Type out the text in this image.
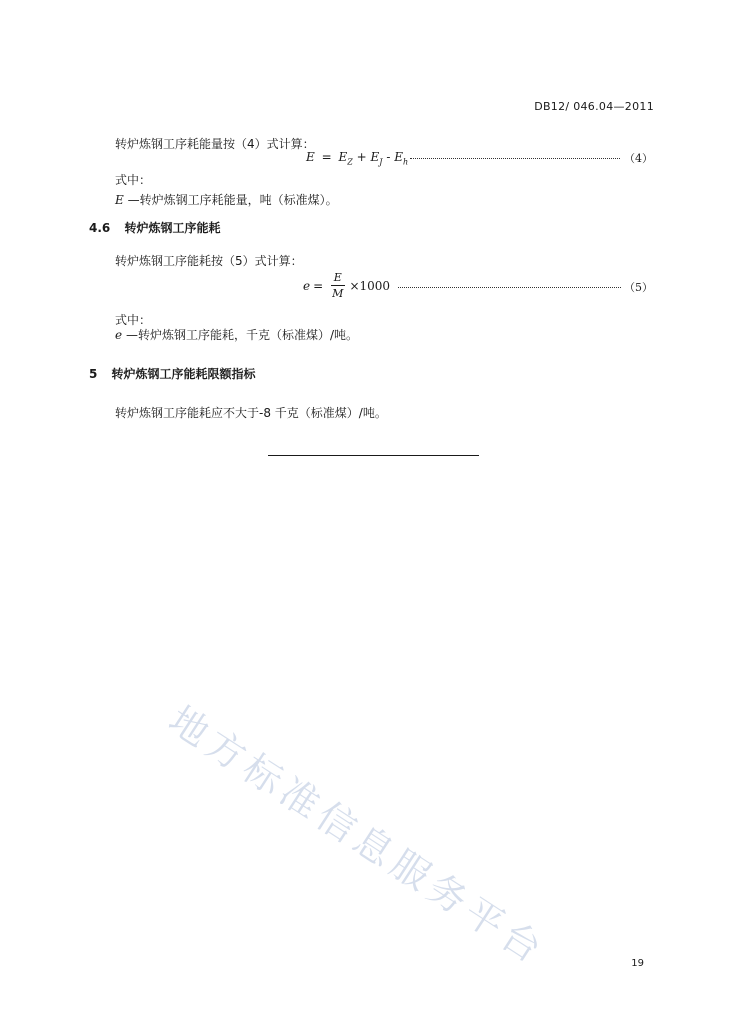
DB12/ 046.04—2011
转炉炼钢工序耗能量按（4）式计算：
$E = E_Z + E_J - E_h$	（4）
式中：
E —转炉炼钢工序耗能量，吨（标准煤）。
4.6 转炉炼钢工序能耗
转炉炼钢工序能耗按（5）式计算：
$e = \frac{E}{M} \times 1000$	（5）
式中：
e —转炉炼钢工序能耗，千克（标准煤）/吨。
5 转炉炼钢工序能耗限额指标
转炉炼钢工序能耗应不大于-8 千克（标准煤）/吨。
地方标准信息服务平台	19
